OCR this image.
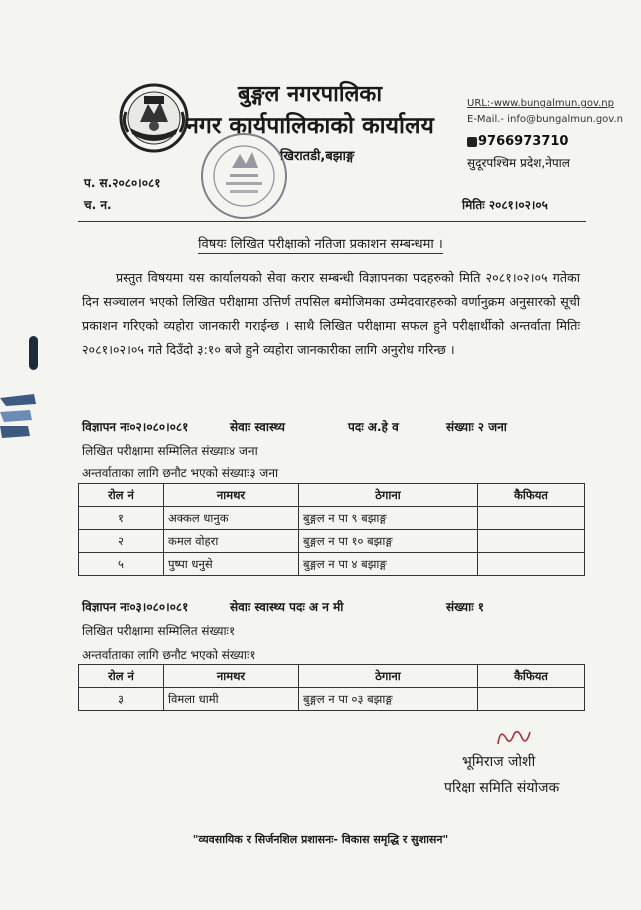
बुङ्गल नगरपालिका
नगर कार्यपालिकाको कार्यालय
खिरातडी,बझाङ्ग
URL:-www.bungalmun.gov.np
E-Mail.- info@bungalmun.gov.n
9766973710
सुदूरपश्चिम प्रदेश,नेपाल
प. स.२०८०।०८१
च. न.	मितिः २०८१।०२।०५
विषयः लिखित परीक्षाको नतिजा प्रकाशन सम्बन्धमा ।
प्रस्तुत विषयमा यस कार्यालयको सेवा करार सम्बन्धी विज्ञापनका पदहरुको मिति २०८१।०२।०५ गतेका दिन सञ्चालन भएको लिखित परीक्षामा उत्तिर्ण तपसिल बमोजिमका उम्मेदवारहरुको वर्णानुक्रम अनुसारको सूची प्रकाशन गरिएको व्यहोरा जानकारी गराईन्छ । साथै लिखित परीक्षामा सफल हुने परीक्षार्थीको अन्तर्वाता मितिः २०८१।०२।०५ गते दिउँदो ३:१० बजे हुने व्यहोरा जानकारीका लागि अनुरोध गरिन्छ ।
विज्ञापन नः०२।०८०।०८१	सेवाः स्वास्थ्य	पदः अ.हे व	संख्याः २ जना
लिखित परीक्षामा सम्मिलित संख्याः४ जना
अन्तर्वाताका लागि छनौट भएको संख्याः३ जना
रोल नं	नामथर	ठेगाना	कैफियत
१	अक्कल धानुक	बुङ्गल न पा ९ बझाङ्ग	
२	कमल वोहरा	बुङ्गल न पा १० बझाङ्ग	
५	पुष्पा धनुसे	बुङ्गल न पा ४ बझाङ्ग	
विज्ञापन नः०३।०८०।०८१	सेवाः स्वास्थ्य पदः अ न मी	संख्याः १
लिखित परीक्षामा सम्मिलित संख्याः१
अन्तर्वाताका लागि छनौट भएको संख्याः१
रोल नं	नामथर	ठेगाना	कैफियत
३	विमला धामी	बुङ्गल न पा ०३ बझाङ्ग	
भूमिराज जोशी
परिक्षा समिति संयोजक
"व्यवसायिक र सिर्जनशिल प्रशासनः- विकास समृद्धि र सुशासन"
